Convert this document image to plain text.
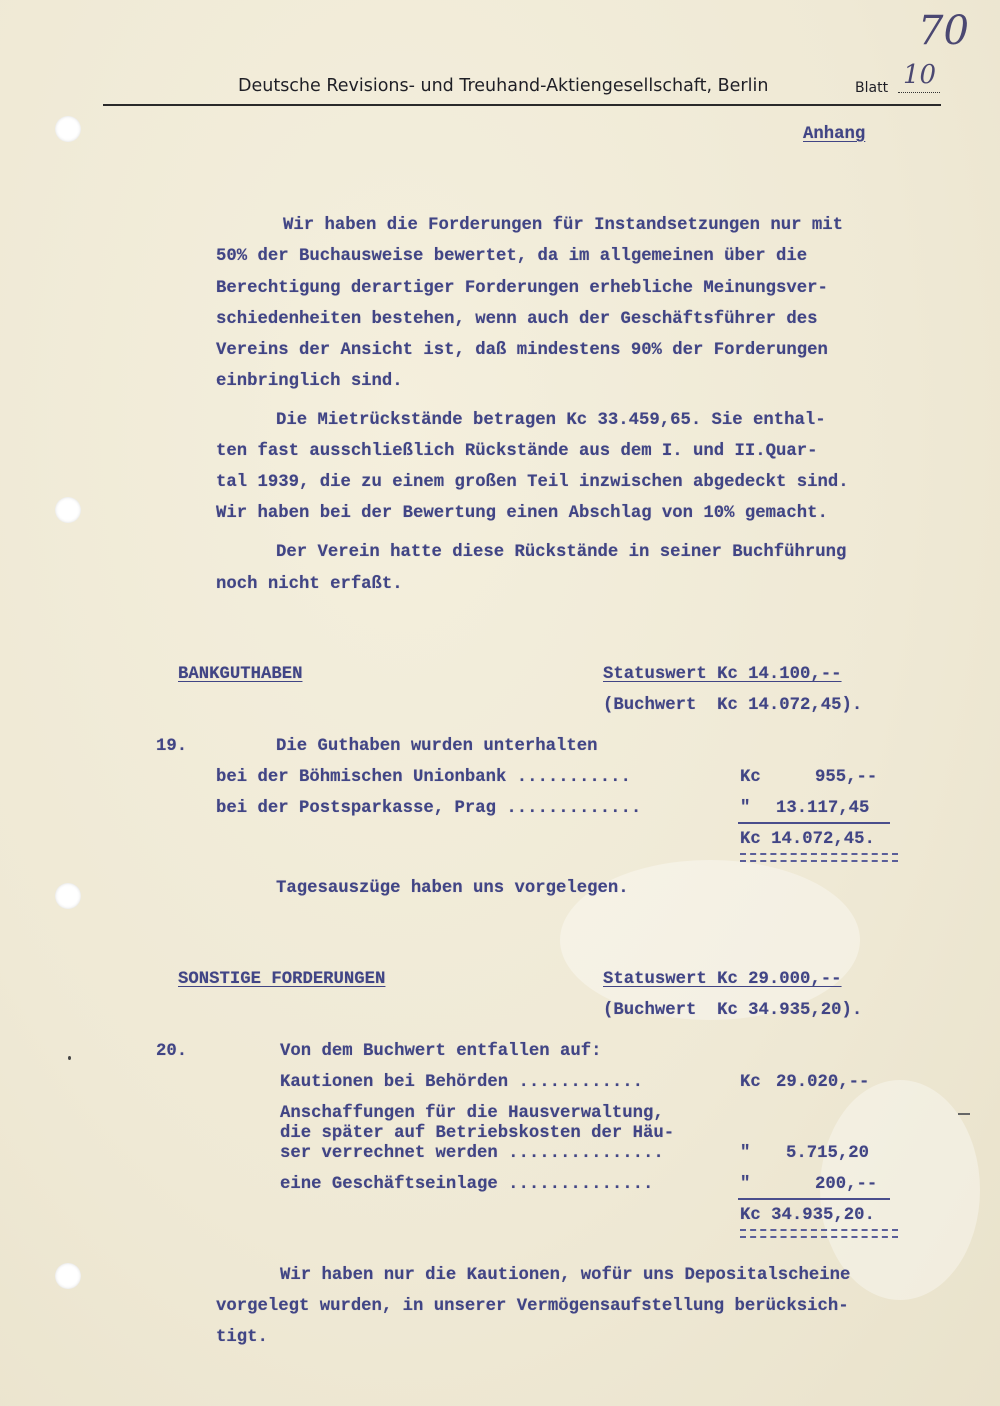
70
Deutsche Revisions- und Treuhand-Aktiengesellschaft, Berlin	Blatt 10
Anhang
Wir haben die Forderungen für Instandsetzungen nur mit
50% der Buchausweise bewertet, da im allgemeinen über die
Berechtigung derartiger Forderungen erhebliche Meinungsver-
schiedenheiten bestehen, wenn auch der Geschäftsführer des
Vereins der Ansicht ist, daß mindestens 90% der Forderungen
einbringlich sind.
Die Mietrückstände betragen Kc 33.459,65. Sie enthal-
ten fast ausschließlich Rückstände aus dem I. und II.Quar-
tal 1939, die zu einem großen Teil inzwischen abgedeckt sind.
Wir haben bei der Bewertung einen Abschlag von 10% gemacht.
Der Verein hatte diese Rückstände in seiner Buchführung
noch nicht erfaßt.
BANKGUTHABEN	Statuswert Kc 14.100,--
(Buchwert  Kc 14.072,45).
19.	Die Guthaben wurden unterhalten
bei der Böhmischen Unionbank ...........	Kc	955,--
bei der Postsparkasse, Prag .............	" 13.117,45
Kc 14.072,45.
Tagesauszüge haben uns vorgelegen.
SONSTIGE FORDERUNGEN	Statuswert Kc 29.000,--
(Buchwert  Kc 34.935,20).
20.	Von dem Buchwert entfallen auf:
Kautionen bei Behörden ............	Kc 29.020,--
Anschaffungen für die Hausverwaltung,
die später auf Betriebskosten der Häu-
ser verrechnet werden ...............	" 5.715,20
eine Geschäftseinlage ..............	"	200,--
Kc 34.935,20.
Wir haben nur die Kautionen, wofür uns Depositalscheine
vorgelegt wurden, in unserer Vermögensaufstellung berücksich-
tigt.
